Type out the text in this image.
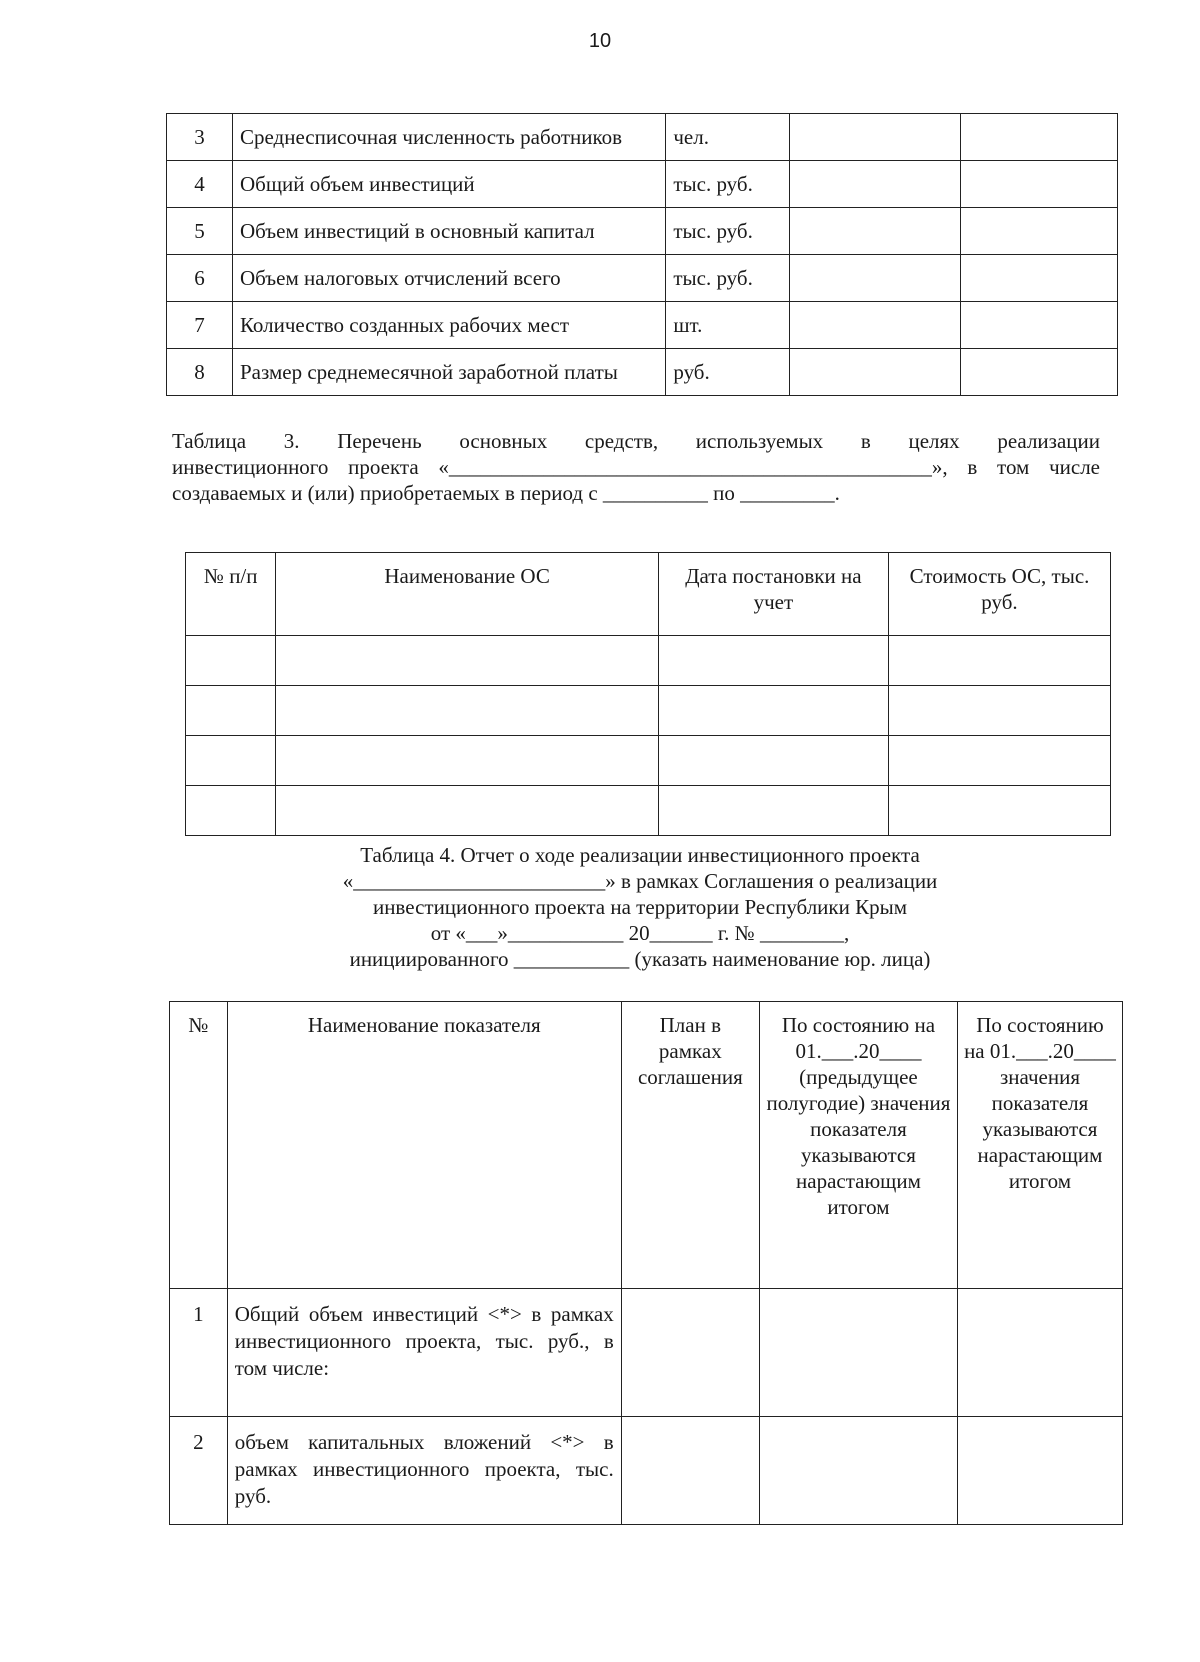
10
3	Среднесписочная численность работников	чел.		
4	Общий объем инвестиций	тыс. руб.		
5	Объем инвестиций в основный капитал	тыс. руб.		
6	Объем налоговых отчислений всего	тыс. руб.		
7	Количество созданных рабочих мест	шт.		
8	Размер среднемесячной заработной платы	руб.		
Таблица 3. Перечень основных средств, используемых в целях реализации
инвестиционного проекта «______________________________________________», в том числе
создаваемых и (или) приобретаемых в период с __________ по _________.
№ п/п	Наименование ОС	Дата постановки на учет	Стоимость ОС, тыс. руб.

Таблица 4. Отчет о ходе реализации инвестиционного проекта
«________________________» в рамках Соглашения о реализации
инвестиционного проекта на территории Республики Крым
от «___»___________ 20______ г. № ________,
инициированного ___________ (указать наименование юр. лица)
№	Наименование показателя	План в рамках соглашения	По состоянию на 01.___.20____ (предыдущее полугодие) значения показателя указываются нарастающим итогом	По состоянию на 01.___.20____ значения показателя указываются нарастающим итогом
1	Общий объем инвестиций <*> в рамках инвестиционного проекта, тыс. руб., в том числе:			
2	объем капитальных вложений <*> в рамках инвестиционного проекта, тыс. руб.			
